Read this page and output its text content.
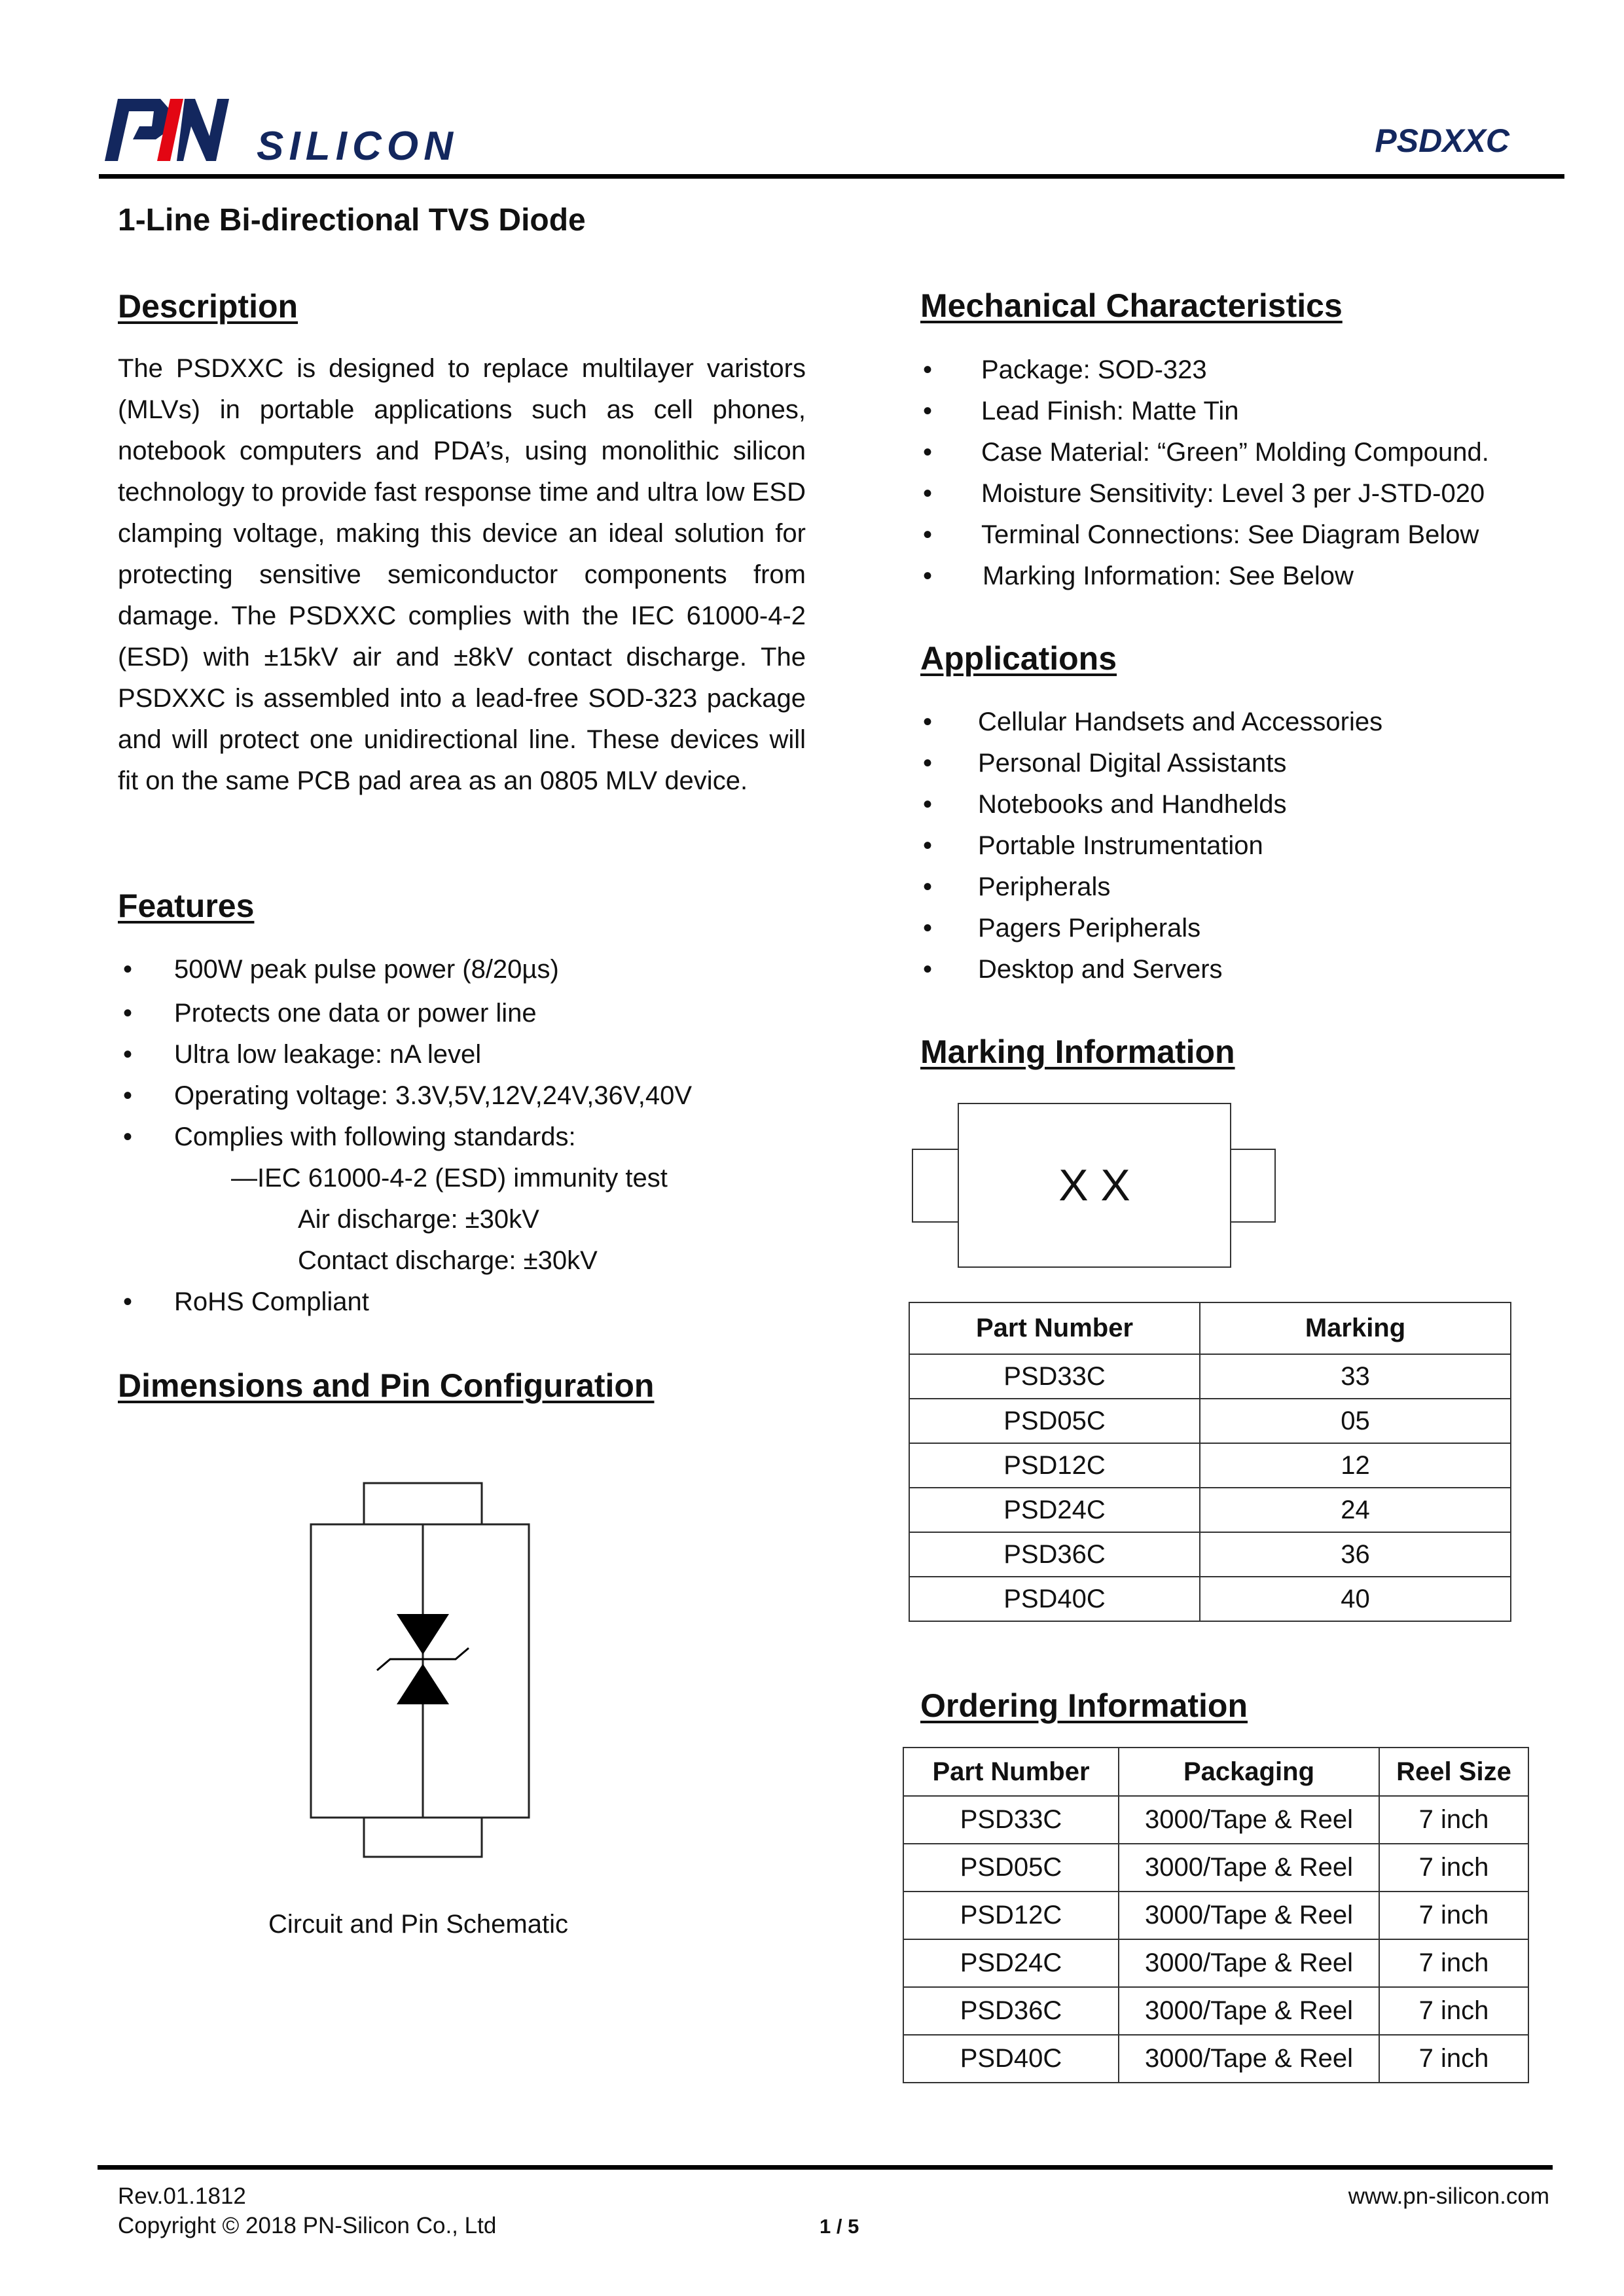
SILICON	PSDXXC
1-Line Bi-directional TVS Diode
Description
The PSDXXC is designed to replace multilayer varistors (MLVs) in portable applications such as cell phones, notebook computers and PDA’s, using monolithic silicon technology to provide fast response time and ultra low ESD clamping voltage, making this device an ideal solution for protecting sensitive semiconductor components from damage. The PSDXXC complies with the IEC 61000-4-2 (ESD) with ±15kV air and ±8kV contact discharge. The PSDXXC is assembled into a lead-free SOD-323 package and will protect one unidirectional line. These devices will fit on the same PCB pad area as an 0805 MLV device.
Features
• 500W peak pulse power (8/20µs)
• Protects one data or power line
• Ultra low leakage: nA level
• Operating voltage: 3.3V,5V,12V,24V,36V,40V
• Complies with following standards:
—IEC 61000-4-2 (ESD) immunity test
Air discharge: ±30kV
Contact discharge: ±30kV
• RoHS Compliant
Dimensions and Pin Configuration
Circuit and Pin Schematic
Mechanical Characteristics
• Package: SOD-323
• Lead Finish: Matte Tin
• Case Material: “Green” Molding Compound.
• Moisture Sensitivity: Level 3 per J-STD-020
• Terminal Connections: See Diagram Below
• Marking Information: See Below
Applications
• Cellular Handsets and Accessories
• Personal Digital Assistants
• Notebooks and Handhelds
• Portable Instrumentation
• Peripherals
• Pagers Peripherals
• Desktop and Servers
Marking Information
X X
Part Number	Marking
PSD33C	33
PSD05C	05
PSD12C	12
PSD24C	24
PSD36C	36
PSD40C	40
Ordering Information
Part Number	Packaging	Reel Size
PSD33C	3000/Tape & Reel	7 inch
PSD05C	3000/Tape & Reel	7 inch
PSD12C	3000/Tape & Reel	7 inch
PSD24C	3000/Tape & Reel	7 inch
PSD36C	3000/Tape & Reel	7 inch
PSD40C	3000/Tape & Reel	7 inch
Rev.01.1812
Copyright © 2018 PN-Silicon Co., Ltd	1 / 5
www.pn-silicon.com
